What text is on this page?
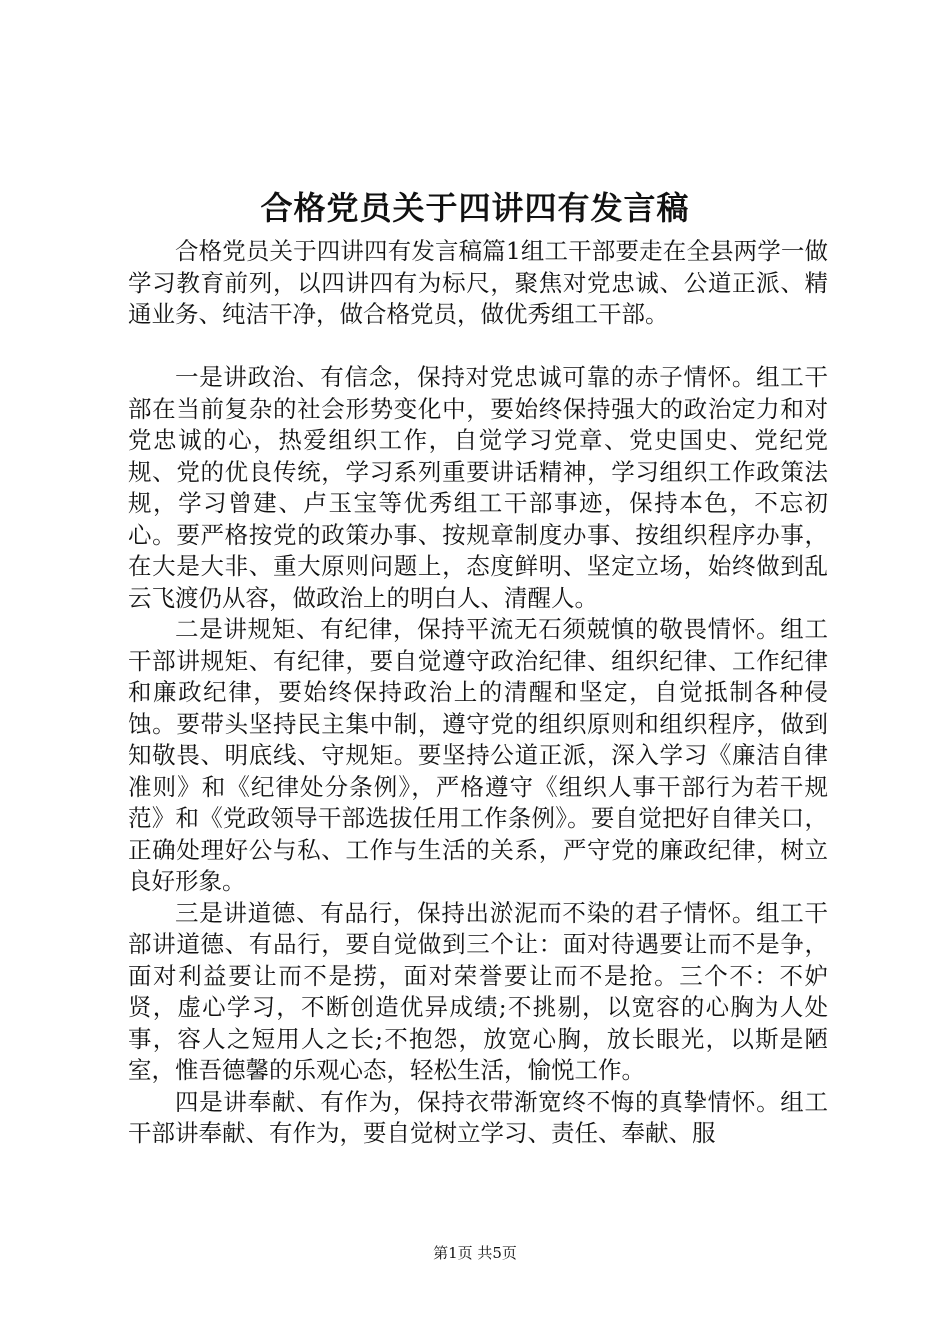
合格党员关于四讲四有发言稿

合格党员关于四讲四有发言稿篇1组工干部要走在全县两学一做学习教育前列，以四讲四有为标尺，聚焦对党忠诚、公道正派、精通业务、纯洁干净，做合格党员，做优秀组工干部。

一是讲政治、有信念，保持对党忠诚可靠的赤子情怀。组工干部在当前复杂的社会形势变化中，要始终保持强大的政治定力和对党忠诚的心，热爱组织工作，自觉学习党章、党史国史、党纪党规、党的优良传统，学习系列重要讲话精神，学习组织工作政策法规，学习曾建、卢玉宝等优秀组工干部事迹，保持本色，不忘初心。要严格按党的政策办事、按规章制度办事、按组织程序办事，在大是大非、重大原则问题上，态度鲜明、坚定立场，始终做到乱云飞渡仍从容，做政治上的明白人、清醒人。

二是讲规矩、有纪律，保持平流无石须兢慎的敬畏情怀。组工干部讲规矩、有纪律，要自觉遵守政治纪律、组织纪律、工作纪律和廉政纪律，要始终保持政治上的清醒和坚定，自觉抵制各种侵蚀。要带头坚持民主集中制，遵守党的组织原则和组织程序，做到知敬畏、明底线、守规矩。要坚持公道正派，深入学习《廉洁自律准则》和《纪律处分条例》，严格遵守《组织人事干部行为若干规范》和《党政领导干部选拔任用工作条例》。要自觉把好自律关口，正确处理好公与私、工作与生活的关系，严守党的廉政纪律，树立良好形象。

三是讲道德、有品行，保持出淤泥而不染的君子情怀。组工干部讲道德、有品行，要自觉做到三个让：面对待遇要让而不是争，面对利益要让而不是捞，面对荣誉要让而不是抢。三个不：不妒贤，虚心学习，不断创造优异成绩;不挑剔，以宽容的心胸为人处事，容人之短用人之长;不抱怨，放宽心胸，放长眼光，以斯是陋室，惟吾德馨的乐观心态，轻松生活，愉悦工作。

四是讲奉献、有作为，保持衣带渐宽终不悔的真挚情怀。组工干部讲奉献、有作为，要自觉树立学习、责任、奉献、服

第1页 共5页
